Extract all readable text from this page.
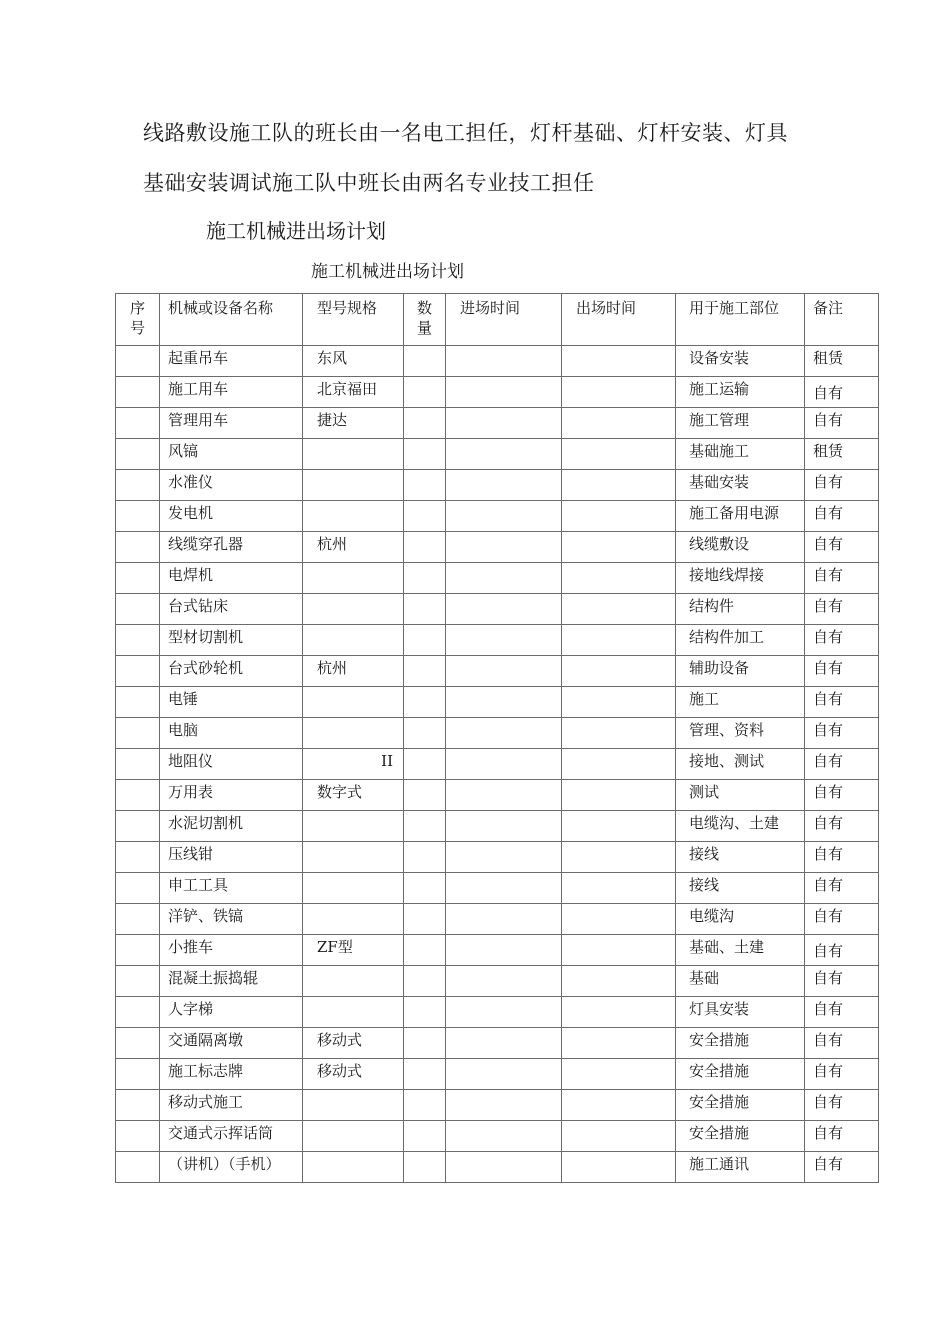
线路敷设施工队的班长由一名电工担任，灯杆基础、灯杆安装、灯具

基础安装调试施工队中班长由两名专业技工担任

施工机械进出场计划
施工机械进出场计划
序号	机械或设备名称	型号规格	数量	进场时间	出场时间	用于施工部位	备注
	起重吊车	东风				设备安装	租赁
	施工用车	北京福田				施工运输	自有
	管理用车	捷达				施工管理	自有
	风镐					基础施工	租赁
	水准仪					基础安装	自有
	发电机					施工备用电源	自有
	线缆穿孔器	杭州				线缆敷设	自有
	电焊机					接地线焊接	自有
	台式钻床					结构件	自有
	型材切割机					结构件加工	自有
	台式砂轮机	杭州				辅助设备	自有
	电锤					施工	自有
	电脑					管理、资料	自有
	地阻仪	II				接地、测试	自有
	万用表	数字式				测试	自有
	水泥切割机					电缆沟、土建	自有
	压线钳					接线	自有
	申工工具					接线	自有
	洋铲、铁镐					电缆沟	自有
	小推车	ZF型				基础、土建	自有
	混凝土振捣辊					基础	自有
	人字梯					灯具安装	自有
	交通隔离墩	移动式				安全措施	自有
	施工标志牌	移动式				安全措施	自有
	移动式施工					安全措施	自有
	交通式示挥话筒					安全措施	自有
	（讲机）（手机）					施工通讯	自有
